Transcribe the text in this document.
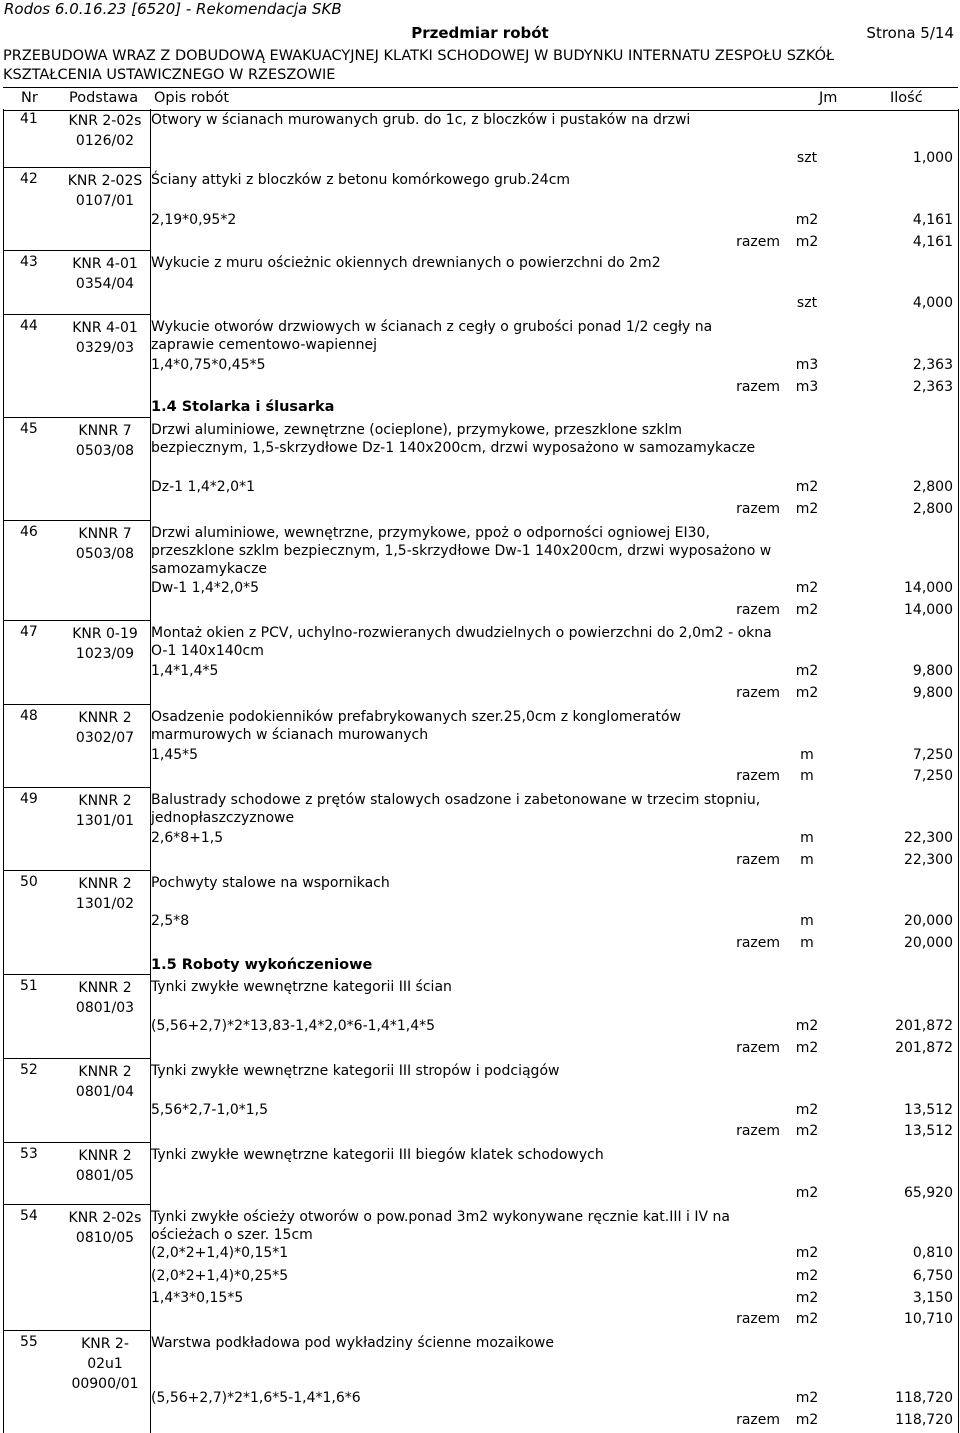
Rodos 6.0.16.23 [6520] - Rekomendacja SKB
Przedmiar robót	Strona 5/14
PRZEBUDOWA WRAZ Z DOBUDOWĄ EWAKUACYJNEJ KLATKI SCHODOWEJ W BUDYNKU INTERNATU ZESPOŁU SZKÓŁ
KSZTAŁCENIA USTAWICZNEGO W RZESZOWIE
Nr Podstawa Opis robót	Jm	Ilość
41	KNR 2-02s 0126/02
Otwory w ścianach murowanych grub. do 1c, z bloczków i pustaków na drzwi
szt	1,000
42 KNR 2-02S 0107/01
Ściany attyki z bloczków z betonu komórkowego grub.24cm
2,19*0,95*2	m2	4,161
razem	m2	4,161
43	KNR 4-01 0354/04
Wykucie z muru ościeżnic okiennych drewnianych o powierzchni do 2m2
szt	4,000
44	KNR 4-01 0329/03
Wykucie otworów drzwiowych w ścianach z cegły o grubości ponad 1/2 cegły na zaprawie cementowo-wapiennej
1,4*0,75*0,45*5	m3	2,363
razem	m3	2,363
1.4 Stolarka i ślusarka
45	KNNR 7 0503/08
Drzwi aluminiowe, zewnętrzne (ocieplone), przymykowe, przeszklone szklm bezpiecznym, 1,5-skrzydłowe Dz-1 140x200cm, drzwi wyposażono w samozamykacze
Dz-1 1,4*2,0*1	m2	2,800
razem	m2	2,800
46	KNNR 7 0503/08
Drzwi aluminiowe, wewnętrzne, przymykowe, ppoż o odporności ogniowej EI30, przeszklone szklm bezpiecznym, 1,5-skrzydłowe Dw-1 140x200cm, drzwi wyposażono w samozamykacze
Dw-1 1,4*2,0*5	m2	14,000
razem	m2	14,000
47	KNR 0-19 1023/09
Montaż okien z PCV, uchylno-rozwieranych dwudzielnych o powierzchni do 2,0m2 - okna O-1 140x140cm
1,4*1,4*5	m2	9,800
razem	m2	9,800
48	KNNR 2 0302/07
Osadzenie podokienników prefabrykowanych szer.25,0cm z konglomeratów marmurowych w ścianach murowanych
1,45*5	m	7,250
razem	m	7,250
49	KNNR 2 1301/01
Balustrady schodowe z prętów stalowych osadzone i zabetonowane w trzecim stopniu, jednopłaszczyznowe
2,6*8+1,5	m	22,300
razem	m	22,300
50	KNNR 2 1301/02
Pochwyty stalowe na wspornikach
2,5*8	m	20,000
razem	m	20,000
1.5 Roboty wykończeniowe
51	KNNR 2 0801/03
Tynki zwykłe wewnętrzne kategorii III ścian
(5,56+2,7)*2*13,83-1,4*2,0*6-1,4*1,4*5	m2	201,872
razem	m2	201,872
52	KNNR 2 0801/04
Tynki zwykłe wewnętrzne kategorii III stropów i podciągów
5,56*2,7-1,0*1,5	m2	13,512
razem	m2	13,512
53	KNNR 2 0801/05
Tynki zwykłe wewnętrzne kategorii III biegów klatek schodowych
m2	65,920
54	KNR 2-02s 0810/05
Tynki zwykłe ościeży otworów o pow.ponad 3m2 wykonywane ręcznie kat.III i IV na ościeżach o szer. 15cm
(2,0*2+1,4)*0,15*1	m2	0,810
(2,0*2+1,4)*0,25*5	m2	6,750
1,4*3*0,15*5	m2	3,150
razem	m2	10,710
55	KNR 2-02u1 00900/01
Warstwa podkładowa pod wykładziny ścienne mozaikowe
(5,56+2,7)*2*1,6*5-1,4*1,6*6	m2	118,720
razem	m2	118,720
